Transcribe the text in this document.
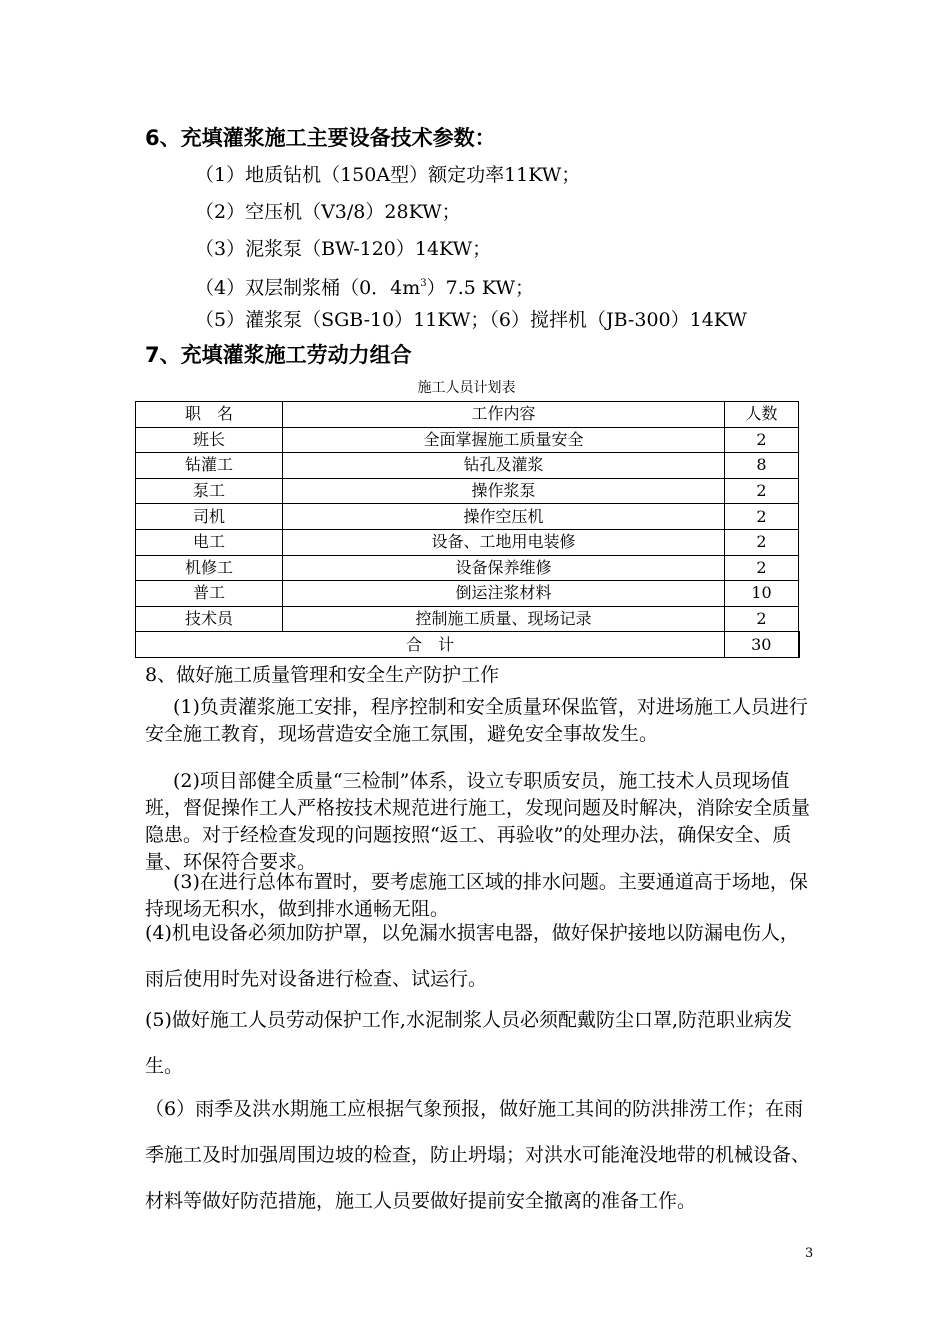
6、充填灌浆施工主要设备技术参数：
（1）地质钻机（150A型）额定功率11KW；
（2）空压机（V3/8）28KW；
（3）泥浆泵（BW-120）14KW；
（4）双层制浆桶（0．$4m^3)7.5$ KW；
（5）灌浆泵（SGB-10）11KW；（6）搅拌机（JB-300）14KW
7、充填灌浆施工劳动力组合
施工人员计划表
职　名	工作内容	人数
班长	全面掌握施工质量安全	2
钻灌工	钻孔及灌浆	8
泵工	操作浆泵	2
司机	操作空压机	2
电工	设备、工地用电装修	2
机修工	设备保养维修	2
普工	倒运注浆材料	10
技术员	控制施工质量、现场记录	2
合　计		30
8、做好施工质量管理和安全生产防护工作
(1)负责灌浆施工安排，程序控制和安全质量环保监管，对进场施工人员进行安全施工教育，现场营造安全施工氛围，避免安全事故发生。
(2)项目部健全质量“三检制”体系，设立专职质安员，施工技术人员现场值班，督促操作工人严格按技术规范进行施工，发现问题及时解决，消除安全质量隐患。对于经检查发现的问题按照“返工、再验收”的处理办法，确保安全、质量、环保符合要求。
(3)在进行总体布置时，要考虑施工区域的排水问题。主要通道高于场地，保持现场无积水，做到排水通畅无阻。
(4)机电设备必须加防护罩，以免漏水损害电器，做好保护接地以防漏电伤人，雨后使用时先对设备进行检查、试运行。
(5)做好施工人员劳动保护工作,水泥制浆人员必须配戴防尘口罩,防范职业病发生。
（6）雨季及洪水期施工应根据气象预报，做好施工其间的防洪排涝工作；在雨季施工及时加强周围边坡的检查，防止坍塌；对洪水可能淹没地带的机械设备、材料等做好防范措施，施工人员要做好提前安全撤离的准备工作。
3
